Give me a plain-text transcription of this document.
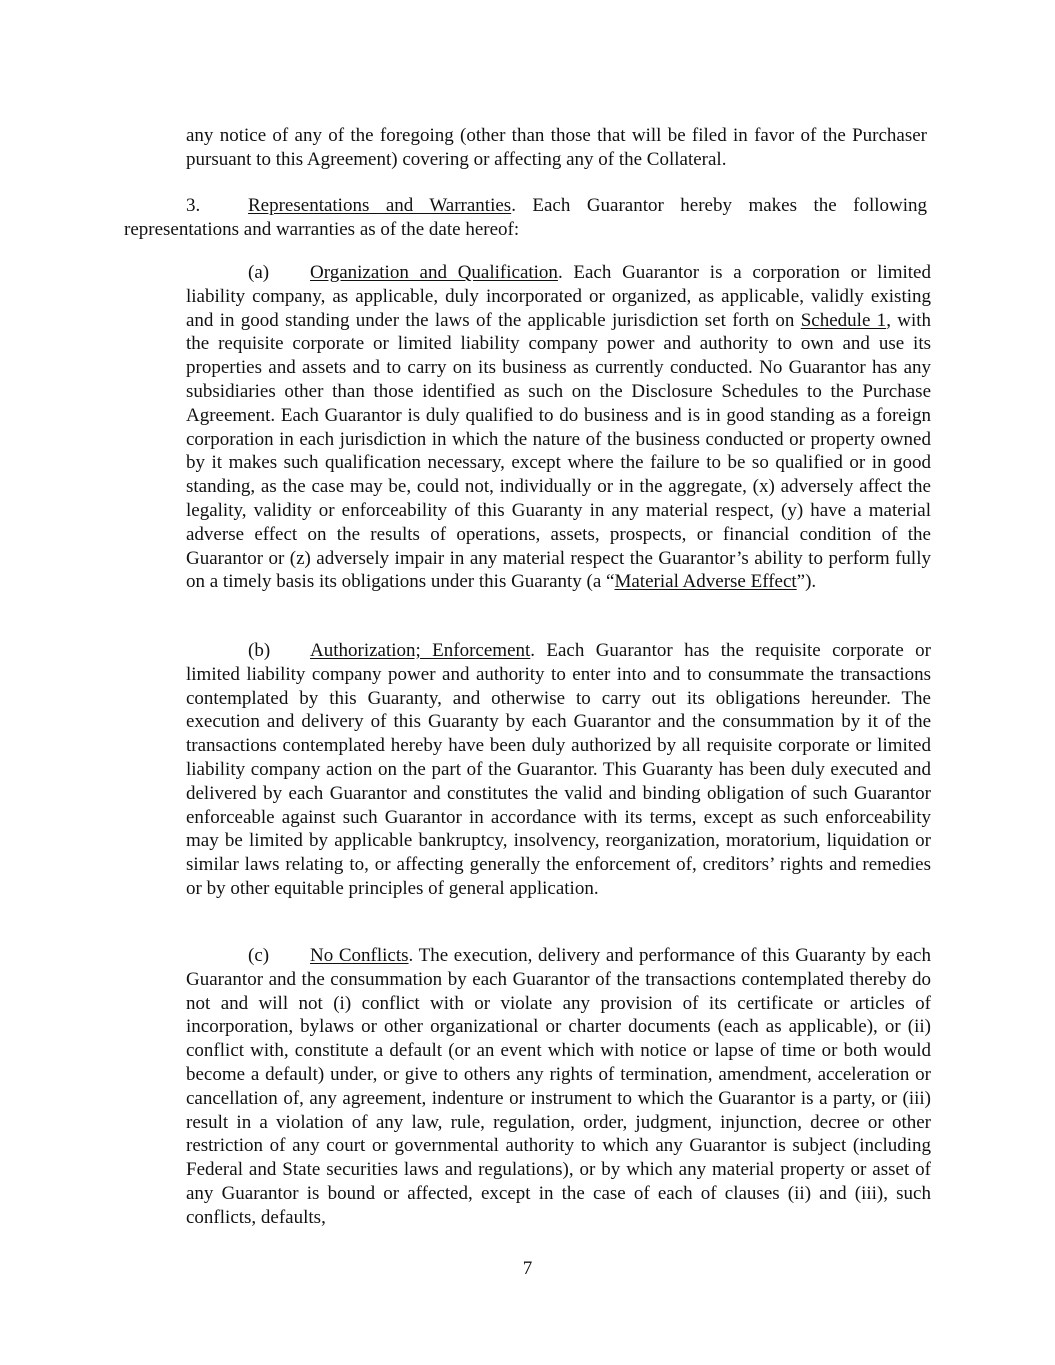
any notice of any of the foregoing (other than those that will be filed in favor of the Purchaser pursuant to this Agreement) covering or affecting any of the Collateral.

3.	Representations and Warranties. Each Guarantor hereby makes the following representations and warranties as of the date hereof:

(a) Organization and Qualification. Each Guarantor is a corporation or limited liability company, as applicable, duly incorporated or organized, as applicable, validly existing and in good standing under the laws of the applicable jurisdiction set forth on Schedule 1, with the requisite corporate or limited liability company power and authority to own and use its properties and assets and to carry on its business as currently conducted. No Guarantor has any subsidiaries other than those identified as such on the Disclosure Schedules to the Purchase Agreement. Each Guarantor is duly qualified to do business and is in good standing as a foreign corporation in each jurisdiction in which the nature of the business conducted or property owned by it makes such qualification necessary, except where the failure to be so qualified or in good standing, as the case may be, could not, individually or in the aggregate, (x) adversely affect the legality, validity or enforceability of this Guaranty in any material respect, (y) have a material adverse effect on the results of operations, assets, prospects, or financial condition of the Guarantor or (z) adversely impair in any material respect the Guarantor’s ability to perform fully on a timely basis its obligations under this Guaranty (a “Material Adverse Effect”).

(b) Authorization; Enforcement. Each Guarantor has the requisite corporate or limited liability company power and authority to enter into and to consummate the transactions contemplated by this Guaranty, and otherwise to carry out its obligations hereunder. The execution and delivery of this Guaranty by each Guarantor and the consummation by it of the transactions contemplated hereby have been duly authorized by all requisite corporate or limited liability company action on the part of the Guarantor. This Guaranty has been duly executed and delivered by each Guarantor and constitutes the valid and binding obligation of such Guarantor enforceable against such Guarantor in accordance with its terms, except as such enforceability may be limited by applicable bankruptcy, insolvency, reorganization, moratorium, liquidation or similar laws relating to, or affecting generally the enforcement of, creditors’ rights and remedies or by other equitable principles of general application.

(c) No Conflicts. The execution, delivery and performance of this Guaranty by each Guarantor and the consummation by each Guarantor of the transactions contemplated thereby do not and will not (i) conflict with or violate any provision of its certificate or articles of incorporation, bylaws or other organizational or charter documents (each as applicable), or (ii) conflict with, constitute a default (or an event which with notice or lapse of time or both would become a default) under, or give to others any rights of termination, amendment, acceleration or cancellation of, any agreement, indenture or instrument to which the Guarantor is a party, or (iii) result in a violation of any law, rule, regulation, order, judgment, injunction, decree or other restriction of any court or governmental authority to which any Guarantor is subject (including Federal and State securities laws and regulations), or by which any material property or asset of any Guarantor is bound or affected, except in the case of each of clauses (ii) and (iii), such conflicts, defaults,

7
